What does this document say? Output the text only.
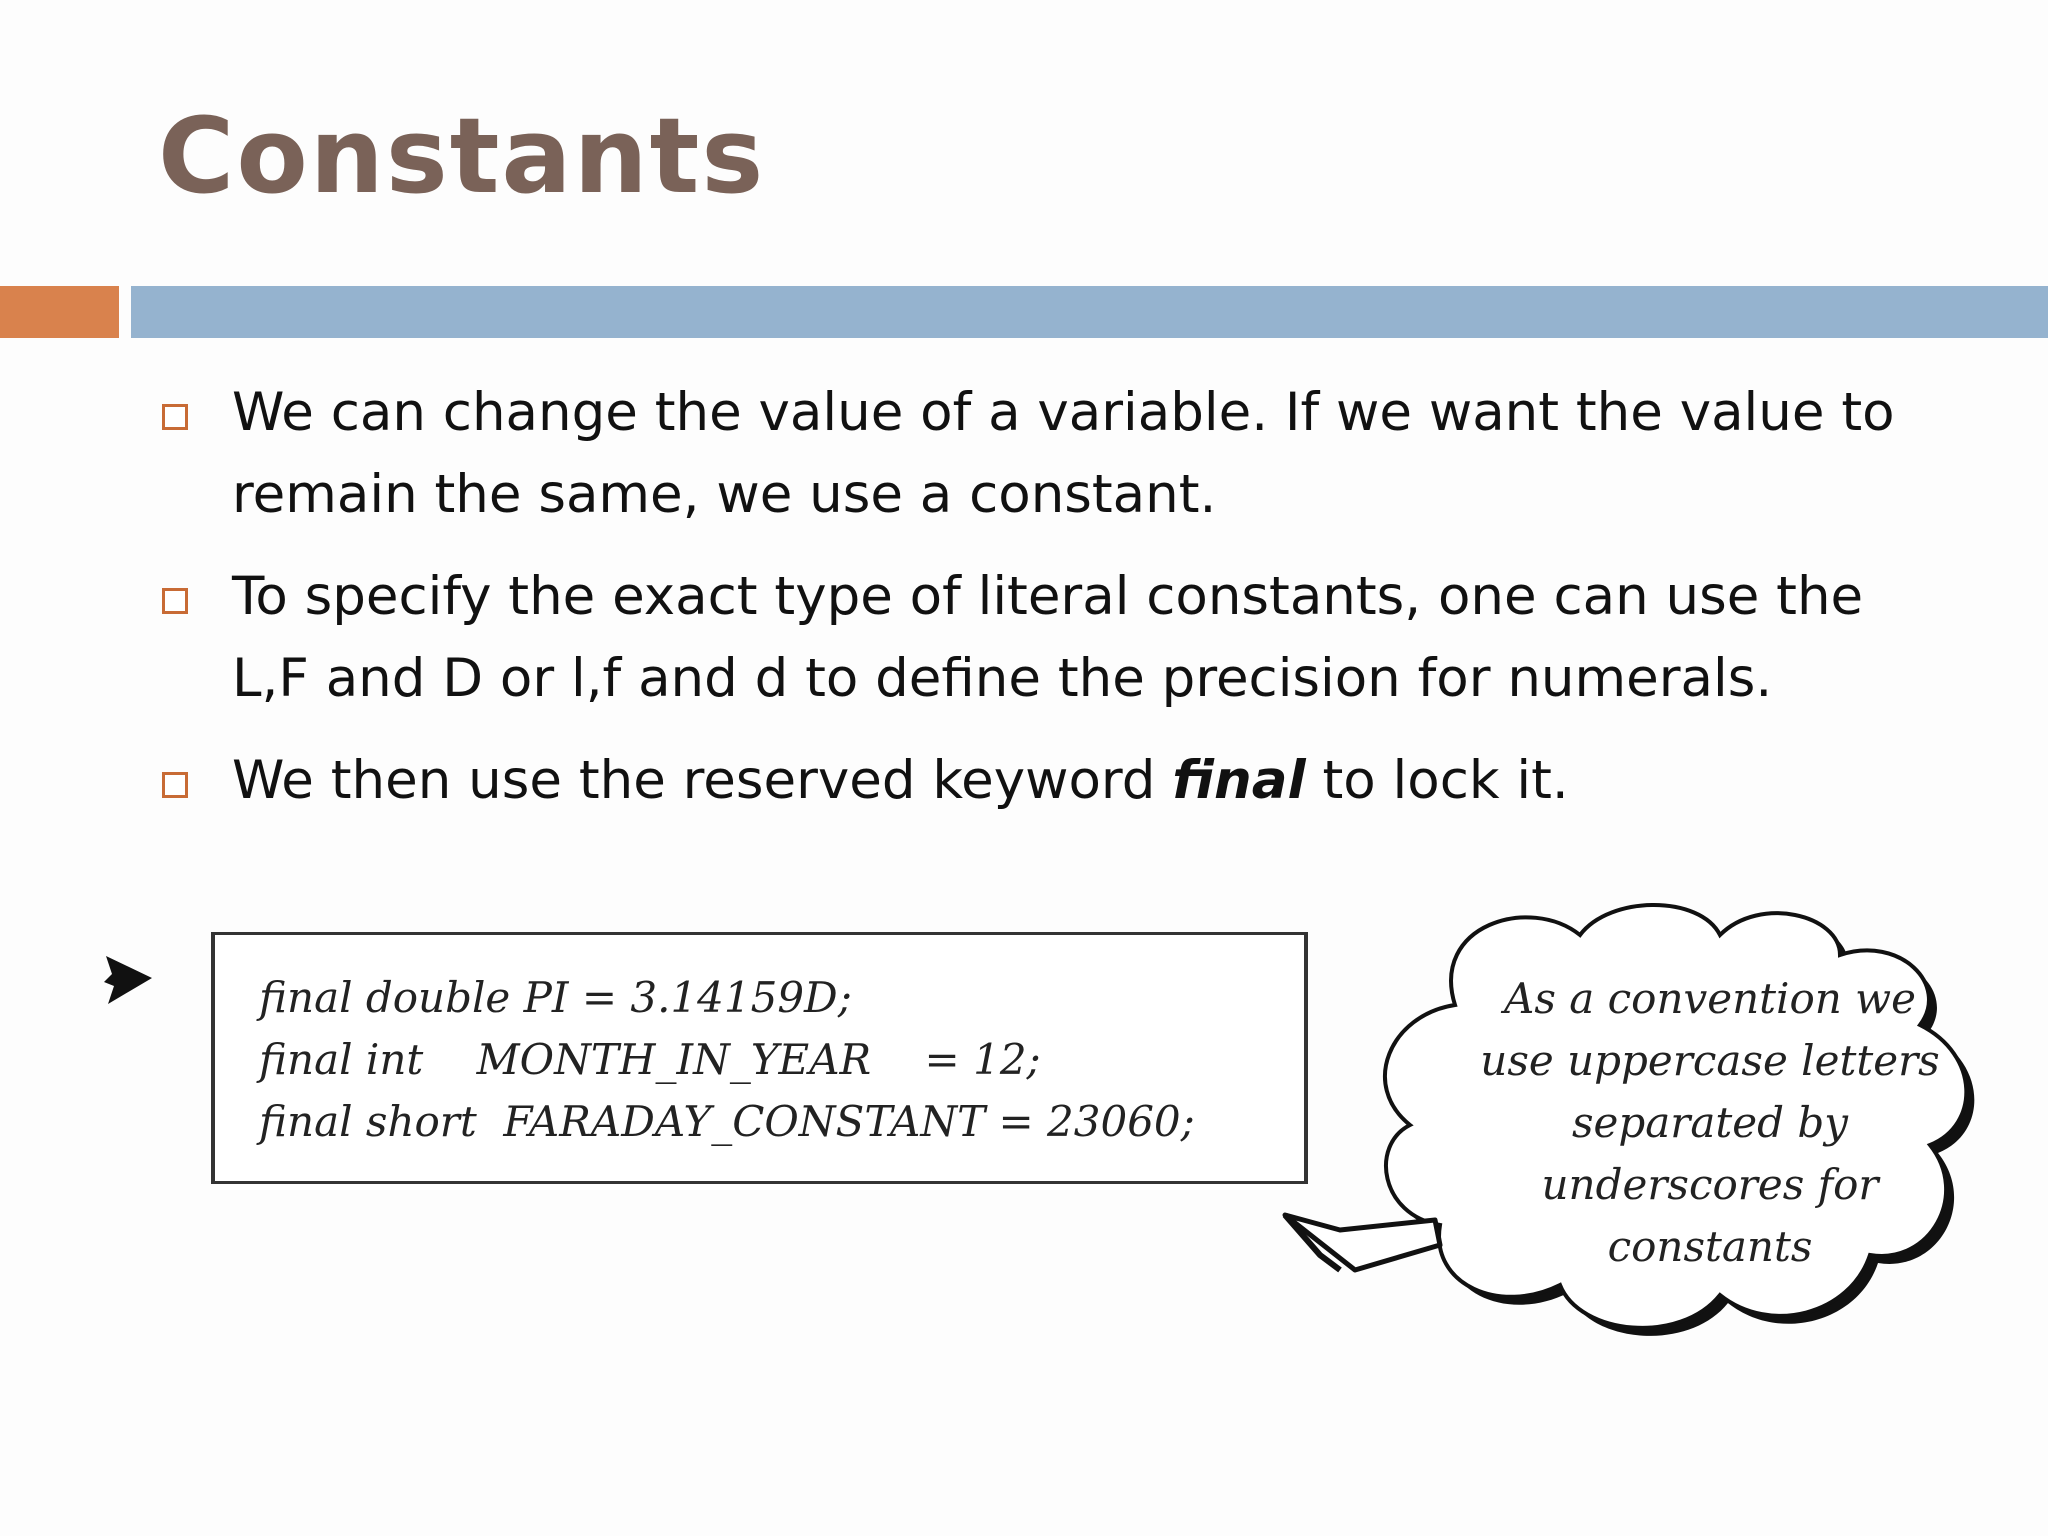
Constants
We can change the value of a variable. If we want the value to remain the same, we use a constant.
To specify the exact type of literal constants, one can use the L,F and D or l,f and d to define the precision for numerals.
We then use the reserved keyword final to lock it.
final double PI = 3.14159D;
final int    MONTH_IN_YEAR    = 12;
final short  FARADAY_CONSTANT = 23060;
As a convention we
use uppercase letters
separated by
underscores for
constants
